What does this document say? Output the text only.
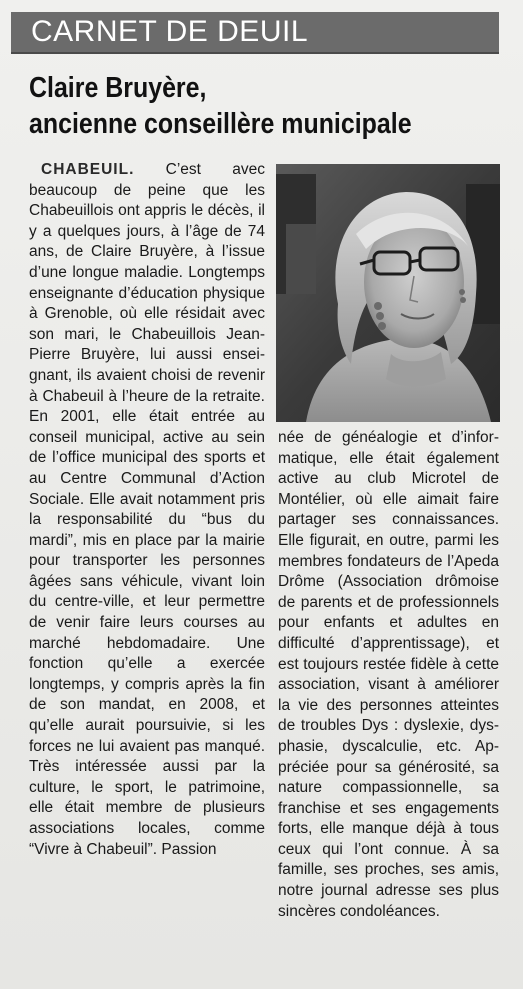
CARNET DE DEUIL
Claire Bruyère,
ancienne conseillère municipale

CHABEUIL. C’est avec beaucoup de peine que les Chabeuillois ont appris le décès, il y a quelques jours, à l’âge de 74 ans, de Claire Bruyère, à l’issue d’une longue maladie. Longtemps enseignante d’éducation physique à Grenoble, où elle résidait avec son mari, le Chabeuillois Jean-Pierre Bruyère, lui aussi enseignant, ils avaient choisi de revenir à Chabeuil à l’heure de la retraite. En 2001, elle était entrée au conseil municipal, active au sein de l’office municipal des sports et au Centre Communal d’Action Sociale. Elle avait notamment pris la responsabilité du “bus du mardi”, mis en place par la mairie pour transporter les personnes âgées sans véhicule, vivant loin du centre-ville, et leur permettre de venir faire leurs courses au marché hebdomadaire. Une fonction qu’elle a exercée longtemps, y compris après la fin de son mandat, en 2008, et qu’elle aurait poursuivie, si les forces ne lui avaient pas manqué. Très intéressée aussi par la culture, le sport, le patrimoine, elle était membre de plusieurs associations locales, comme “Vivre à Chabeuil”. Passion

née de généalogie et d’informatique, elle était également active au club Microtel de Montélier, où elle aimait faire partager ses connaissances. Elle figurait, en outre, parmi les membres fondateurs de l’Apeda Drôme (Association drômoise de parents et de professionnels pour enfants et adultes en difficulté d’apprentissage), et est toujours restée fidèle à cette association, visant à améliorer la vie des personnes atteintes de troubles Dys : dyslexie, dysphasie, dyscalculie, etc. Appréciée pour sa générosité, sa nature compassionnelle, sa franchise et ses engagements forts, elle manque déjà à tous ceux qui l’ont connue. À sa famille, ses proches, ses amis, notre journal adresse ses plus sincères condoléances.
